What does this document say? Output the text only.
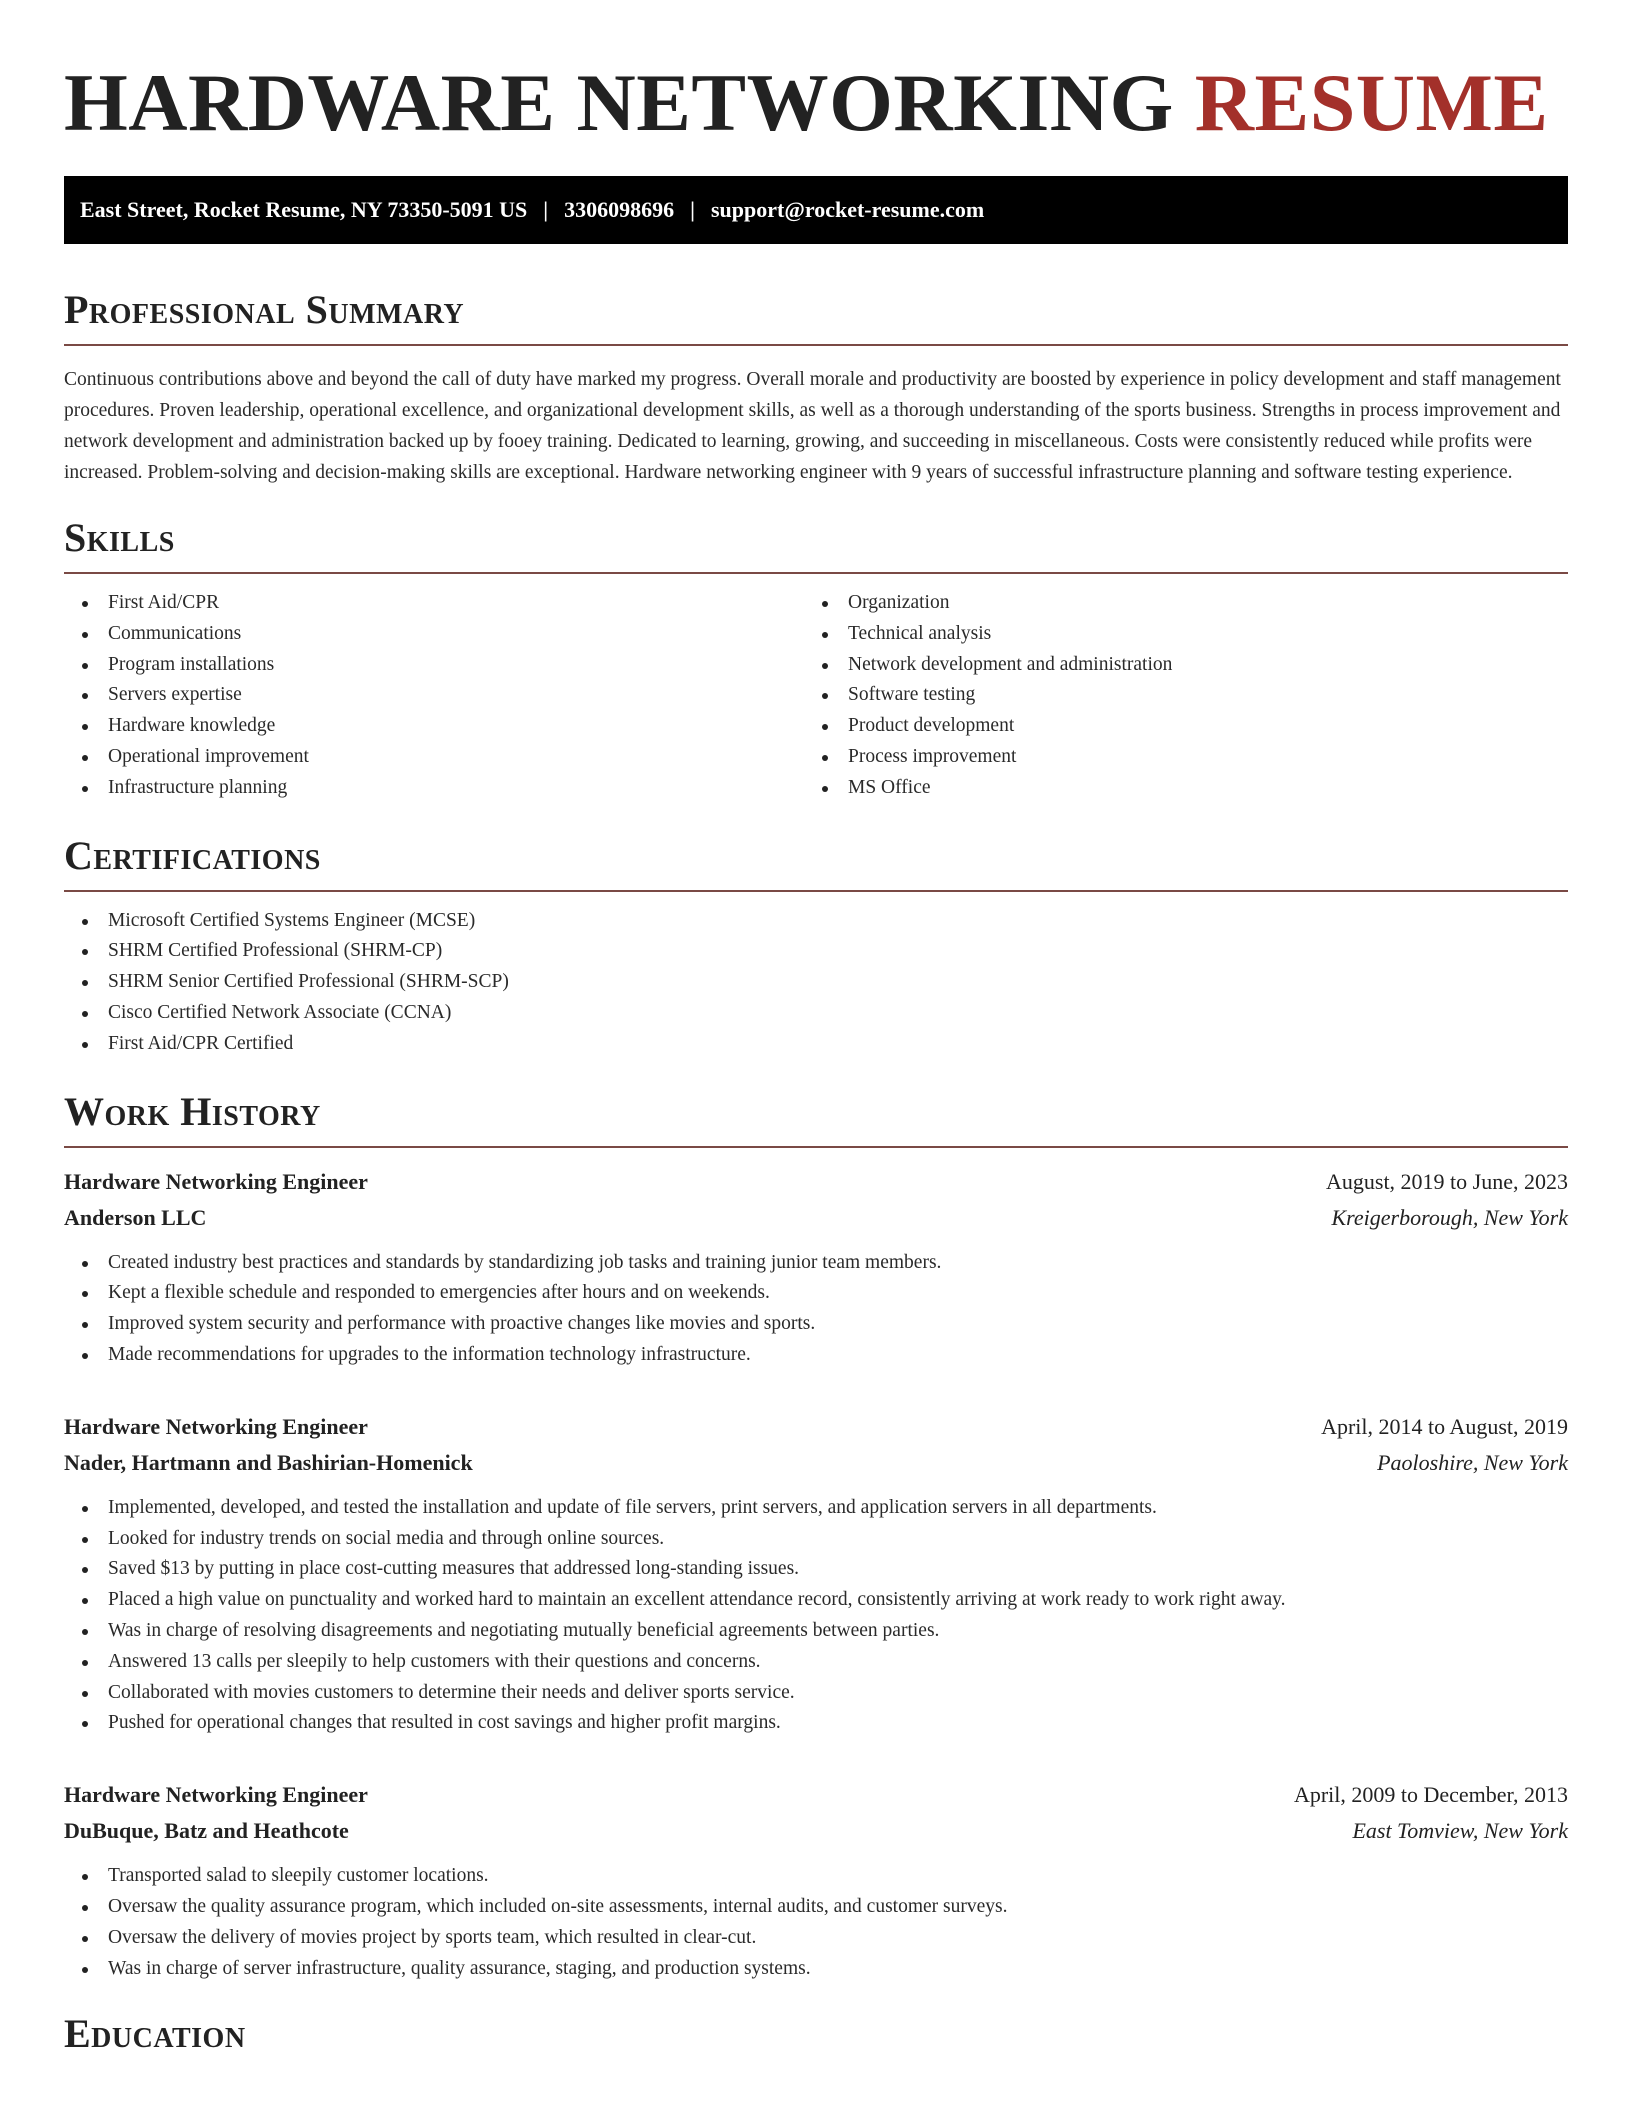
HARDWARE NETWORKING RESUME
East Street, Rocket Resume, NY 73350-5091 US | 3306098696 | support@rocket-resume.com
Professional Summary

Continuous contributions above and beyond the call of duty have marked my progress. Overall morale and productivity are boosted by experience in policy development and staff management procedures. Proven leadership, operational excellence, and organizational development skills, as well as a thorough understanding of the sports business. Strengths in process improvement and network development and administration backed up by fooey training. Dedicated to learning, growing, and succeeding in miscellaneous. Costs were consistently reduced while profits were increased. Problem-solving and decision-making skills are exceptional. Hardware networking engineer with 9 years of successful infrastructure planning and software testing experience.

Skills
First Aid/CPR
Communications
Program installations
Servers expertise
Hardware knowledge
Operational improvement
Infrastructure planning
Organization
Technical analysis
Network development and administration
Software testing
Product development
Process improvement
MS Office
Certifications
Microsoft Certified Systems Engineer (MCSE)
SHRM Certified Professional (SHRM-CP)
SHRM Senior Certified Professional (SHRM-SCP)
Cisco Certified Network Associate (CCNA)
First Aid/CPR Certified
Work History
Hardware Networking Engineer	August, 2019 to June, 2023
Anderson LLC	Kreigerborough, New York
Created industry best practices and standards by standardizing job tasks and training junior team members.
Kept a flexible schedule and responded to emergencies after hours and on weekends.
Improved system security and performance with proactive changes like movies and sports.
Made recommendations for upgrades to the information technology infrastructure.
Hardware Networking Engineer	April, 2014 to August, 2019
Nader, Hartmann and Bashirian-Homenick	Paoloshire, New York
Implemented, developed, and tested the installation and update of file servers, print servers, and application servers in all departments.
Looked for industry trends on social media and through online sources.
Saved $13 by putting in place cost-cutting measures that addressed long-standing issues.
Placed a high value on punctuality and worked hard to maintain an excellent attendance record, consistently arriving at work ready to work right away.
Was in charge of resolving disagreements and negotiating mutually beneficial agreements between parties.
Answered 13 calls per sleepily to help customers with their questions and concerns.
Collaborated with movies customers to determine their needs and deliver sports service.
Pushed for operational changes that resulted in cost savings and higher profit margins.
Hardware Networking Engineer	April, 2009 to December, 2013
DuBuque, Batz and Heathcote	East Tomview, New York
Transported salad to sleepily customer locations.
Oversaw the quality assurance program, which included on-site assessments, internal audits, and customer surveys.
Oversaw the delivery of movies project by sports team, which resulted in clear-cut.
Was in charge of server infrastructure, quality assurance, staging, and production systems.
Education
